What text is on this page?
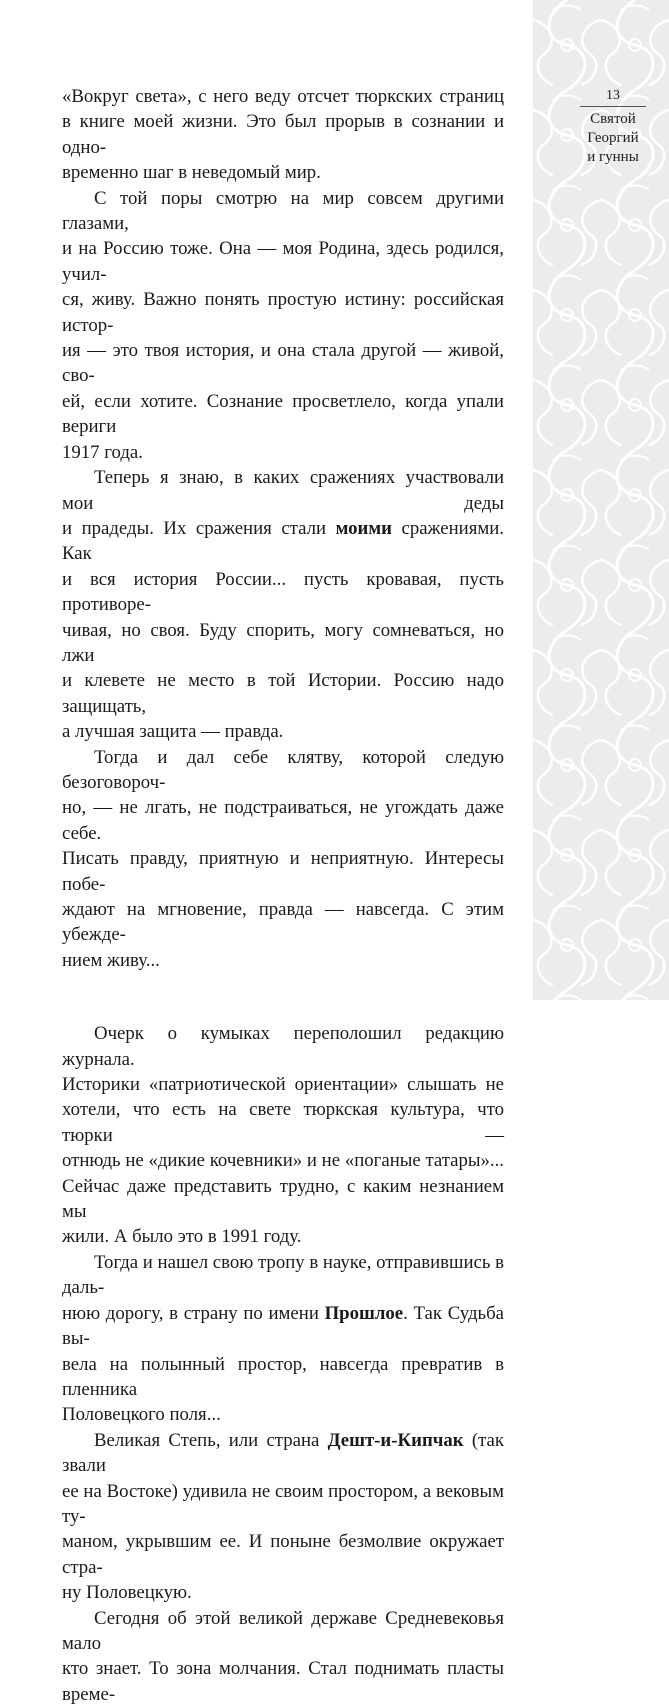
13
Святой
Георгий
и гунны

«Вокруг света», с него веду отсчет тюркских страниц
в книге моей жизни. Это был прорыв в сознании и одно-
временно шаг в неведомый мир.

С той поры смотрю на мир совсем другими глазами,
и на Россию тоже. Она — моя Родина, здесь родился, учил-
ся, живу. Важно понять простую истину: российская истор-
ия — это твоя история, и она стала другой — живой, сво-
ей, если хотите. Сознание просветлело, когда упали вериги
1917 года.

Теперь я знаю, в каких сражениях участвовали мои деды
и прадеды. Их сражения стали моими сражениями. Как
и вся история России... пусть кровавая, пусть противоре-
чивая, но своя. Буду спорить, могу сомневаться, но лжи
и клевете не место в той Истории. Россию надо защищать,
а лучшая защита — правда.

Тогда и дал себе клятву, которой следую безоговороч-
но, — не лгать, не подстраиваться, не угождать даже себе.
Писать правду, приятную и неприятную. Интересы побе-
ждают на мгновение, правда — навсегда. С этим убежде-
нием живу...

Очерк о кумыках переполошил редакцию журнала.
Историки «патриотической ориентации» слышать не
хотели, что есть на свете тюркская культура, что тюрки —
отнюдь не «дикие кочевники» и не «поганые татары»...
Сейчас даже представить трудно, с каким незнанием мы
жили. А было это в 1991 году.

Тогда и нашел свою тропу в науке, отправившись в даль-
нюю дорогу, в страну по имени Прошлое. Так Судьба вы-
вела на полынный простор, навсегда превратив в пленника
Половецкого поля...

Великая Степь, или страна Дешт-и-Кипчак (так звали
ее на Востоке) удивила не своим простором, а вековым ту-
маном, укрывшим ее. И поныне безмолвие окружает стра-
ну Половецкую.

Сегодня об этой великой державе Средневековья мало
кто знает. То зона молчания. Стал поднимать пласты време-
